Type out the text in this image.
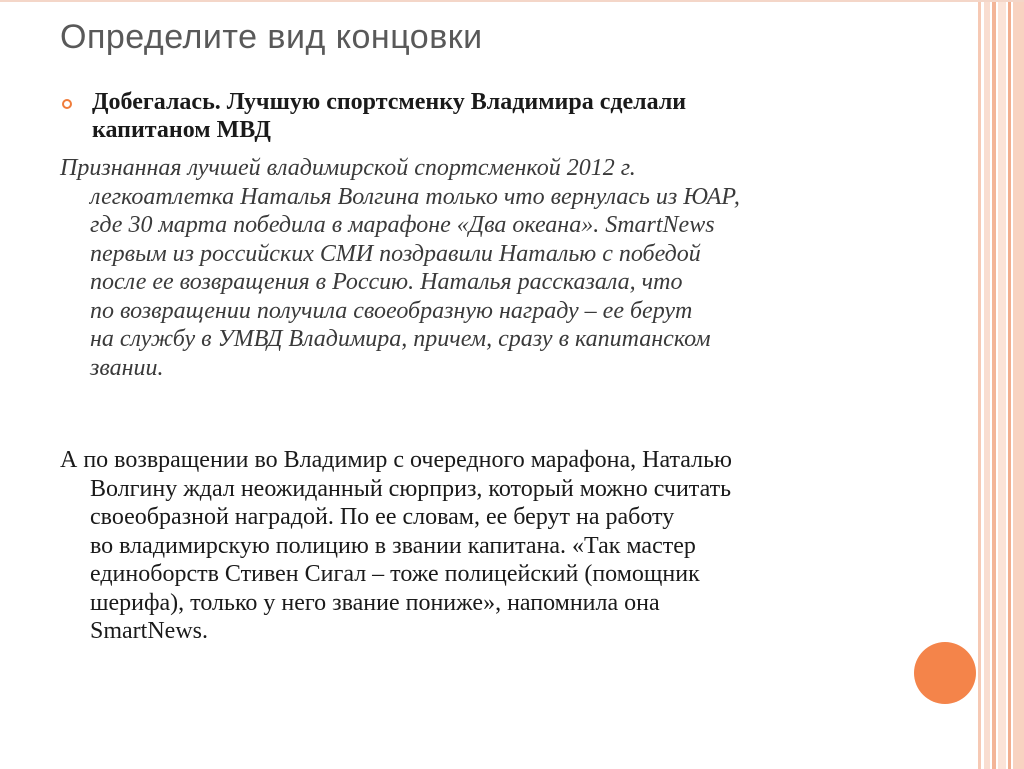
Определите вид концовки
Добегалась. Лучшую спортсменку Владимира сделали
капитаном МВД
Признанная лучшей владимирской спортсменкой 2012 г.
легкоатлетка Наталья Волгина только что вернулась из ЮАР,
где 30 марта победила в марафоне «Два океана». SmartNews
первым из российских СМИ поздравили Наталью с победой
после ее возвращения в Россию. Наталья рассказала, что
по возвращении получила своеобразную награду – ее берут
на службу в УМВД Владимира, причем, сразу в капитанском
звании.
А по возвращении во Владимир с очередного марафона, Наталью
Волгину ждал неожиданный сюрприз, который можно считать
своеобразной наградой. По ее словам, ее берут на работу
во владимирскую полицию в звании капитана. «Так мастер
единоборств Стивен Сигал – тоже полицейский (помощник
шерифа), только у него звание пониже», напомнила она
SmartNews.
